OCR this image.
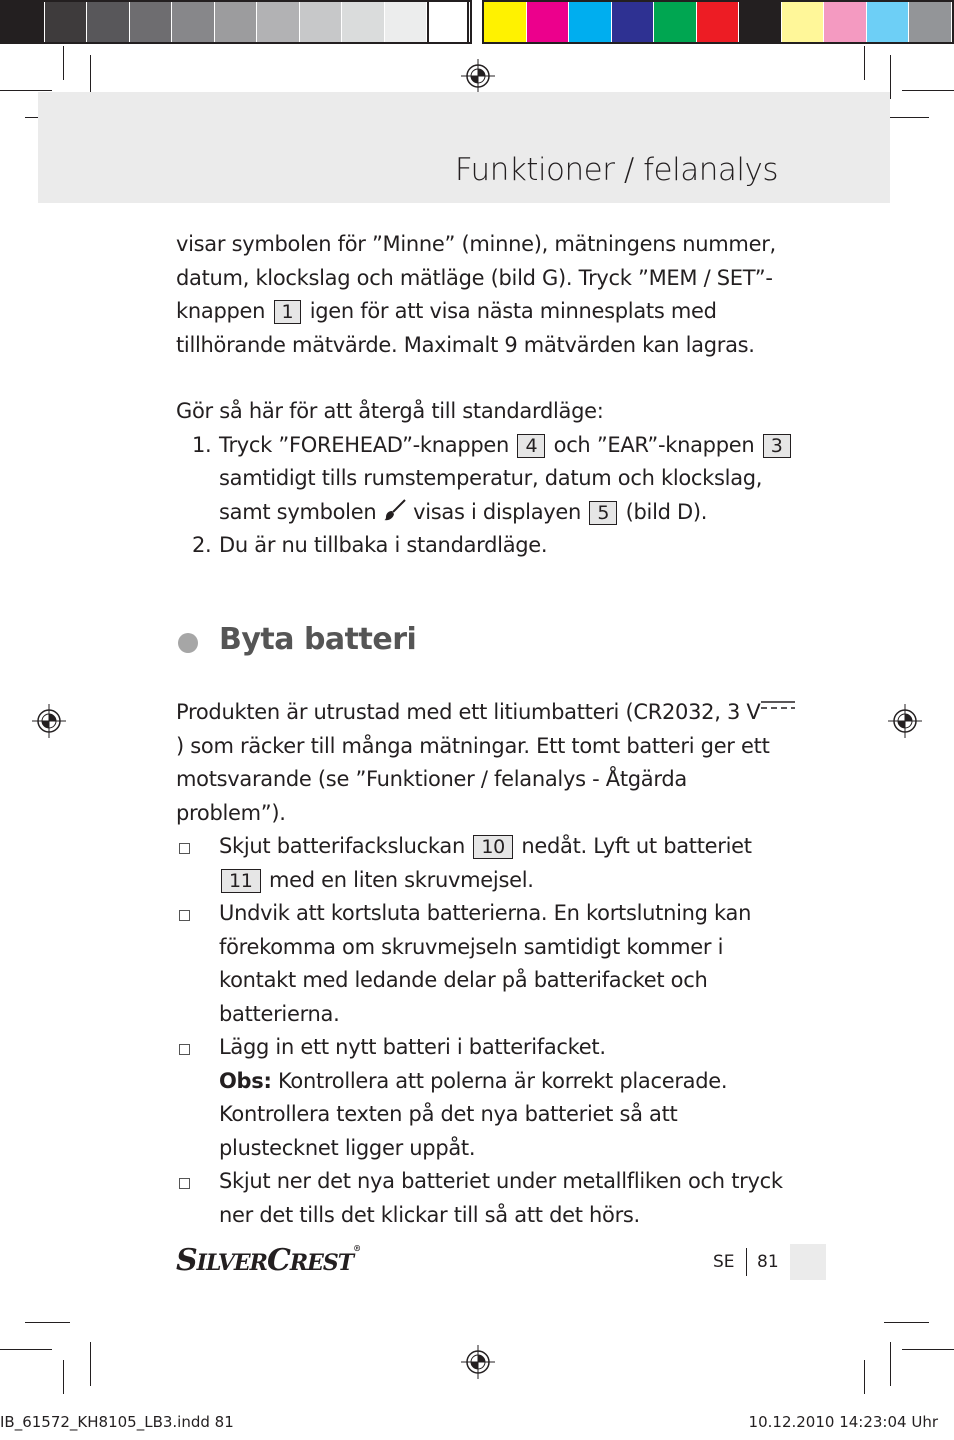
Funktioner / felanalys

visar symbolen för ”Minne” (minne), mätningens nummer, datum, klockslag och mätläge (bild G). Tryck ”MEM / SET”-knappen 1 igen för att visa nästa minnesplats med tillhörande mätvärde. Maximalt 9 mätvärden kan lagras.

Gör så här för att återgå till standardläge:

1. Tryck ”FOREHEAD”-knappen 4 och ”EAR”-knappen 3 samtidigt tills rumstemperatur, datum och klockslag, samt symbolen visas i displayen 5 (bild D).
2. Du är nu tillbaka i standardläge.
Byta batteri

Produkten är utrustad med ett litiumbatteri (CR2032, 3 V) som räcker till många mätningar. Ett tomt batteri ger ett motsvarande (se ”Funktioner / felanalys - Åtgärda problem”).

Skjut batterifacksluckan 10 nedåt. Lyft ut batteriet 11 med en liten skruvmejsel.
Undvik att kortsluta batterierna. En kortslutning kan förekomma om skruvmejseln samtidigt kommer i kontakt med ledande delar på batterifacket och batterierna.
Lägg in ett nytt batteri i batterifacket.
Obs: Kontrollera att polerna är korrekt placerade. Kontrollera texten på det nya batteriet så att plustecknet ligger uppåt.
Skjut ner det nya batteriet under metallfliken och tryck ner det tills det klickar till så att det hörs.
SILVERCREST®
SE 81
IB_61572_KH8105_LB3.indd 81	10.12.2010 14:23:04 Uhr
